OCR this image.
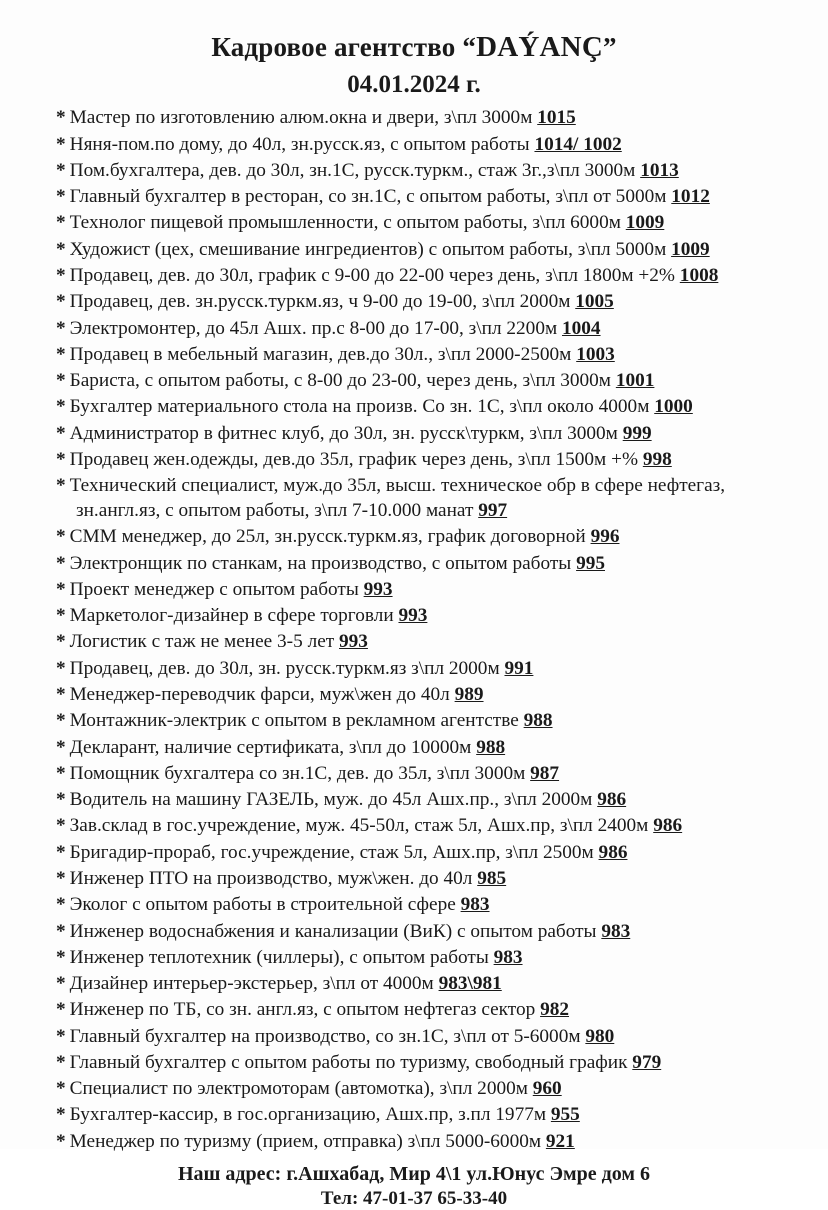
Кадровое агентство “DAÝANÇ”
04.01.2024 г.
* Мастер по изготовлению алюм.окна и двери, з\пл 3000м 1015
* Няня-пом.по дому, до 40л, зн.русск.яз, с опытом работы 1014/ 1002
* Пом.бухгалтера, дев. до 30л, зн.1С, русск.туркм., стаж 3г.,з\пл 3000м 1013
* Главный бухгалтер в ресторан, со зн.1С, с опытом работы, з\пл от 5000м 1012
* Технолог пищевой промышленности, с опытом работы, з\пл 6000м 1009
* Художист (цех, смешивание ингредиентов) с опытом работы, з\пл 5000м 1009
* Продавец, дев. до 30л, график с 9-00 до 22-00 через день, з\пл 1800м +2% 1008
* Продавец, дев. зн.русск.туркм.яз, ч 9-00 до 19-00, з\пл 2000м 1005
* Электромонтер, до 45л Ашх. пр.с 8-00 до 17-00, з\пл 2200м 1004
* Продавец в мебельный магазин, дев.до 30л., з\пл 2000-2500м 1003
* Бариста, с опытом работы, с 8-00 до 23-00, через день, з\пл 3000м 1001
* Бухгалтер материального стола на произв. Со зн. 1С, з\пл около 4000м 1000
* Администратор в фитнес клуб, до 30л, зн. русск\туркм, з\пл 3000м 999
* Продавец жен.одежды, дев.до 35л, график через день, з\пл 1500м +% 998
* Технический специалист, муж.до 35л, высш. техническое обр в сфере нефтегаз, зн.англ.яз, с опытом работы, з\пл 7-10.000 манат 997
* СММ менеджер, до 25л, зн.русск.туркм.яз, график договорной 996
* Электронщик по станкам, на производство, с опытом работы 995
* Проект менеджер с опытом работы 993
* Маркетолог-дизайнер в сфере торговли 993
* Логистик с таж не менее 3-5 лет 993
* Продавец, дев. до 30л, зн. русск.туркм.яз з\пл 2000м 991
* Менеджер-переводчик фарси, муж\жен до 40л 989
* Монтажник-электрик с опытом в рекламном агентстве 988
* Декларант, наличие сертификата, з\пл до 10000м 988
* Помощник бухгалтера со зн.1С, дев. до 35л, з\пл 3000м 987
* Водитель на машину ГАЗЕЛЬ, муж. до 45л Ашх.пр., з\пл 2000м 986
* Зав.склад в гос.учреждение, муж. 45-50л, стаж 5л, Ашх.пр, з\пл 2400м 986
* Бригадир-прораб, гос.учреждение, стаж 5л, Ашх.пр, з\пл 2500м 986
* Инженер ПТО на производство, муж\жен. до 40л 985
* Эколог с опытом работы в строительной сфере 983
* Инженер водоснабжения и канализации (ВиК) с опытом работы 983
* Инженер теплотехник (чиллеры), с опытом работы 983
* Дизайнер интерьер-экстерьер, з\пл от 4000м 983\981
* Инженер по ТБ, со зн. англ.яз, с опытом нефтегаз сектор 982
* Главный бухгалтер на производство, со зн.1С, з\пл от 5-6000м 980
* Главный бухгалтер с опытом работы по туризму, свободный график 979
* Специалист по электромоторам (автомотка), з\пл 2000м 960
* Бухгалтер-кассир, в гос.организацию, Ашх.пр, з.пл 1977м 955
* Менеджер по туризму (прием, отправка) з\пл 5000-6000м 921
Наш адрес: г.Ашхабад, Мир 4\1 ул.Юнус Эмре дом 6
Тел: 47-01-37 65-33-40
